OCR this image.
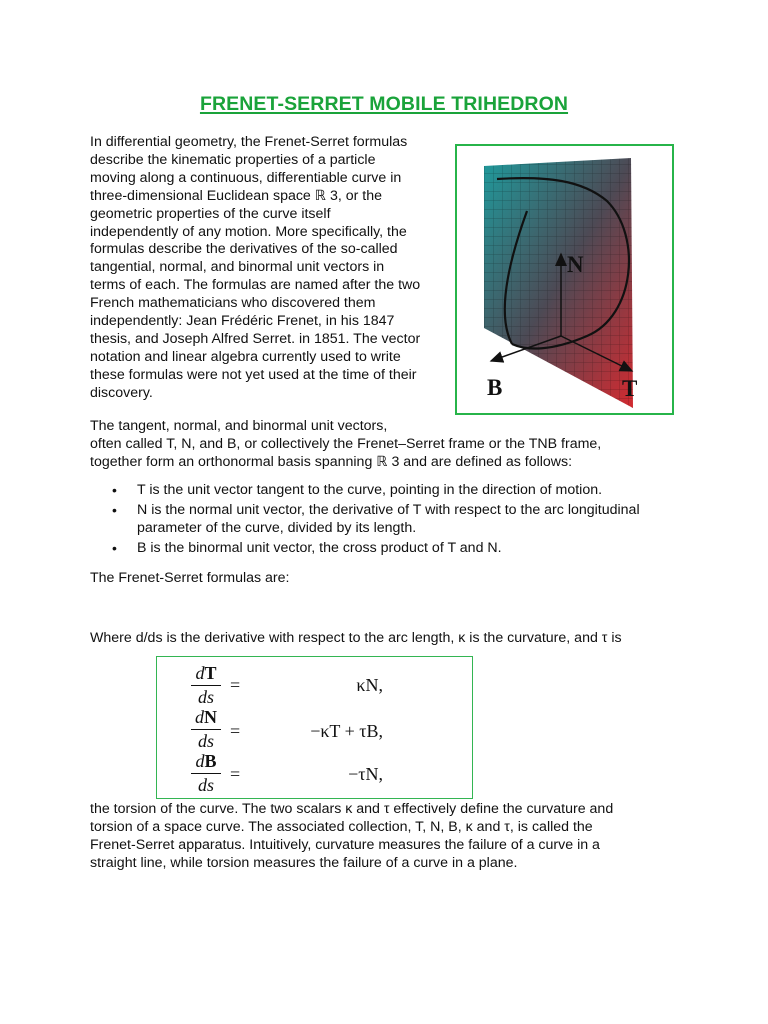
FRENET-SERRET MOBILE TRIHEDRON

In differential geometry, the Frenet-Serret formulas
describe the kinematic properties of a particle
moving along a continuous, differentiable curve in
three-dimensional Euclidean space ℝ 3, or the
geometric properties of the curve itself
independently of any motion. More specifically, the
formulas describe the derivatives of the so-called
tangential, normal, and binormal unit vectors in
terms of each. The formulas are named after the two
French mathematicians who discovered them
independently: Jean Frédéric Frenet, in his 1847
thesis, and Joseph Alfred Serret. in 1851. The vector
notation and linear algebra currently used to write
these formulas were not yet used at the time of their
discovery.

N
B	T

The tangent, normal, and binormal unit vectors,
often called T, N, and B, or collectively the Frenet–Serret frame or the TNB frame,
together form an orthonormal basis spanning ℝ 3 and are defined as follows:

• T is the unit vector tangent to the curve, pointing in the direction of motion.
• N is the normal unit vector, the derivative of T with respect to the arc longitudinal
parameter of the curve, divided by its length.
• B is the binormal unit vector, the cross product of T and N.

The Frenet-Serret formulas are:

Where d/ds is the derivative with respect to the arc length, κ is the curvature, and τ is

dT
ds
=	κN,
dN
ds =	−κT + τB,
dB
ds
=	−τN,

the torsion of the curve. The two scalars κ and τ effectively define the curvature and
torsion of a space curve. The associated collection, T, N, B, κ and τ, is called the
Frenet-Serret apparatus. Intuitively, curvature measures the failure of a curve in a
straight line, while torsion measures the failure of a curve in a plane.
